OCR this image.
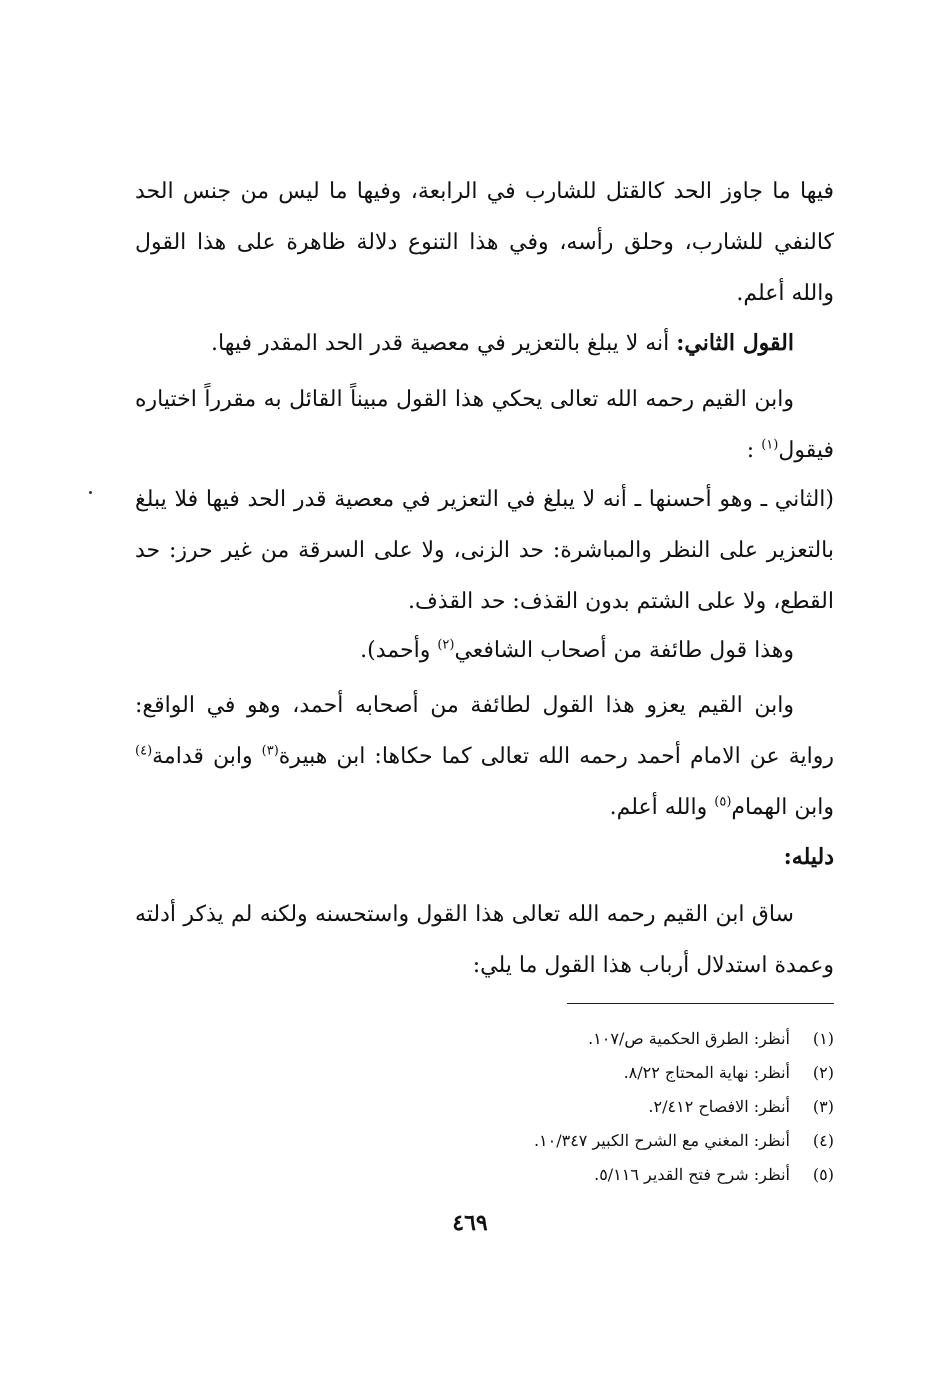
فيها ما جاوز الحد كالقتل للشارب في الرابعة، وفيها ما ليس من جنس الحد كالنفي للشارب، وحلق رأسه، وفي هذا التنوع دلالة ظاهرة على هذا القول والله أعلم.
القول الثاني: أنه لا يبلغ بالتعزير في معصية قدر الحد المقدر فيها.
وابن القيم رحمه الله تعالى يحكي هذا القول مبيناً القائل به مقرراً اختياره فيقول$^{(١)}$ :
(الثاني ـ وهو أحسنها ـ أنه لا يبلغ في التعزير في معصية قدر الحد فيها فلا يبلغ بالتعزير على النظر والمباشرة: حد الزنى، ولا على السرقة من غير حرز: حد القطع، ولا على الشتم بدون القذف: حد القذف.
وهذا قول طائفة من أصحاب الشافعي$^{(٢)}$ وأحمد).
وابن القيم يعزو هذا القول لطائفة من أصحابه أحمد، وهو في الواقع: رواية عن الامام أحمد رحمه الله تعالى كما حكاها: ابن هبيرة$^{(٣)}$ وابن قدامة$^{(٤)}$ وابن الهمام$^{(٥)}$ والله أعلم.
دليله:
ساق ابن القيم رحمه الله تعالى هذا القول واستحسنه ولكنه لم يذكر أدلته وعمدة استدلال أرباب هذا القول ما يلي:
(١)أنظر: الطرق الحكمية ص/١٠٧.
(٢)أنظر: نهاية المحتاج ٨/٢٢.
(٣)أنظر: الافصاح ٢/٤١٢.
(٤)أنظر: المغني مع الشرح الكبير ١٠/٣٤٧.
(٥)أنظر: شرح فتح القدير ٥/١١٦.
٤٦٩
